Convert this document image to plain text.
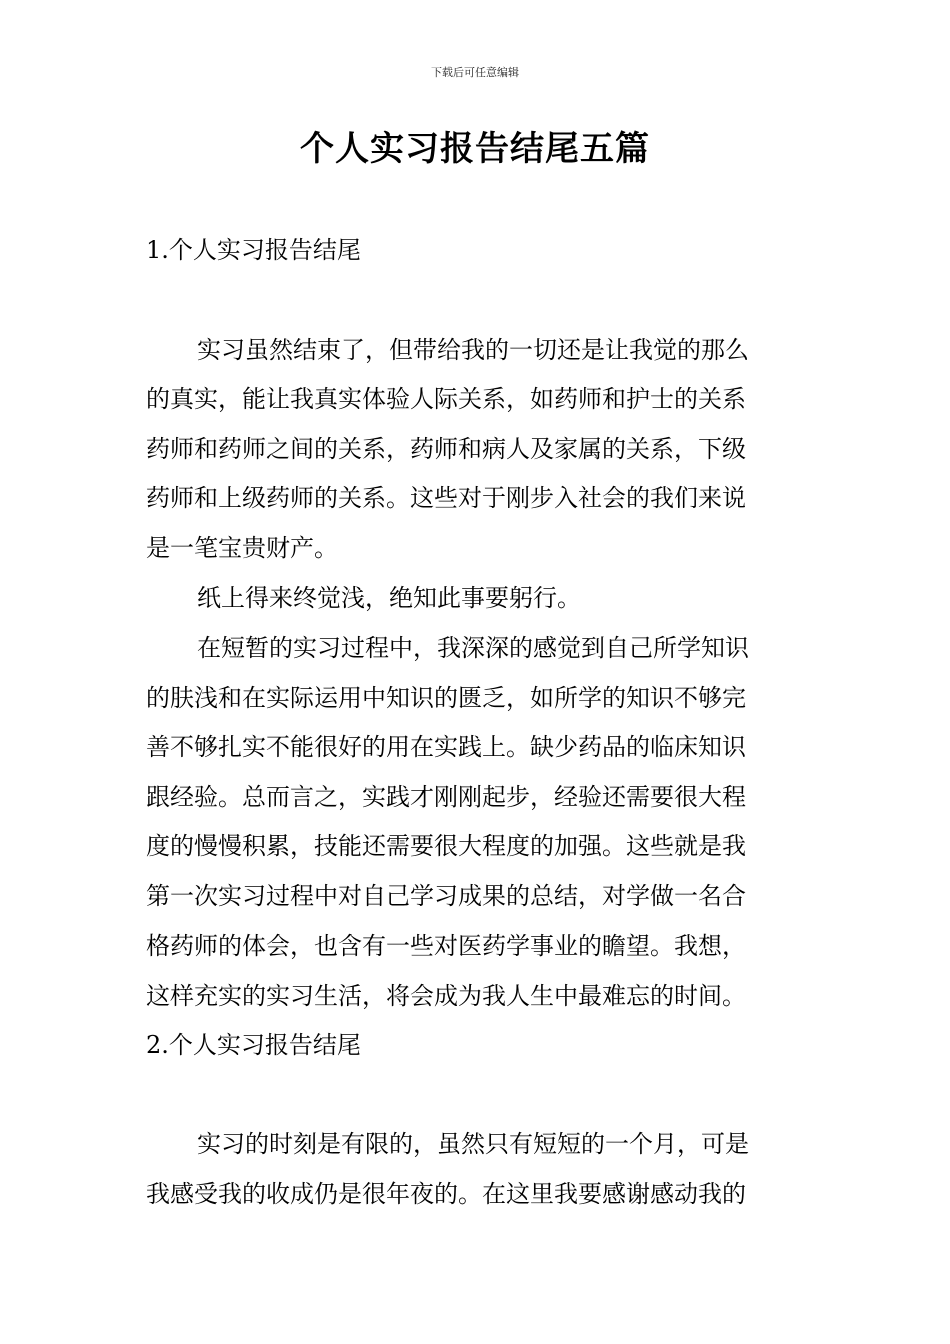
下载后可任意编辑
个人实习报告结尾五篇
1.个人实习报告结尾
实习虽然结束了，但带给我的一切还是让我觉的那么
的真实，能让我真实体验人际关系，如药师和护士的关系
药师和药师之间的关系，药师和病人及家属的关系，下级
药师和上级药师的关系。这些对于刚步入社会的我们来说
是一笔宝贵财产。
纸上得来终觉浅，绝知此事要躬行。
在短暂的实习过程中，我深深的感觉到自己所学知识
的肤浅和在实际运用中知识的匮乏，如所学的知识不够完
善不够扎实不能很好的用在实践上。缺少药品的临床知识
跟经验。总而言之，实践才刚刚起步，经验还需要很大程
度的慢慢积累，技能还需要很大程度的加强。这些就是我
第一次实习过程中对自己学习成果的总结，对学做一名合
格药师的体会，也含有一些对医药学事业的瞻望。我想，
这样充实的实习生活，将会成为我人生中最难忘的时间。
2.个人实习报告结尾
实习的时刻是有限的，虽然只有短短的一个月，可是
我感受我的收成仍是很年夜的。在这里我要感谢感动我的
